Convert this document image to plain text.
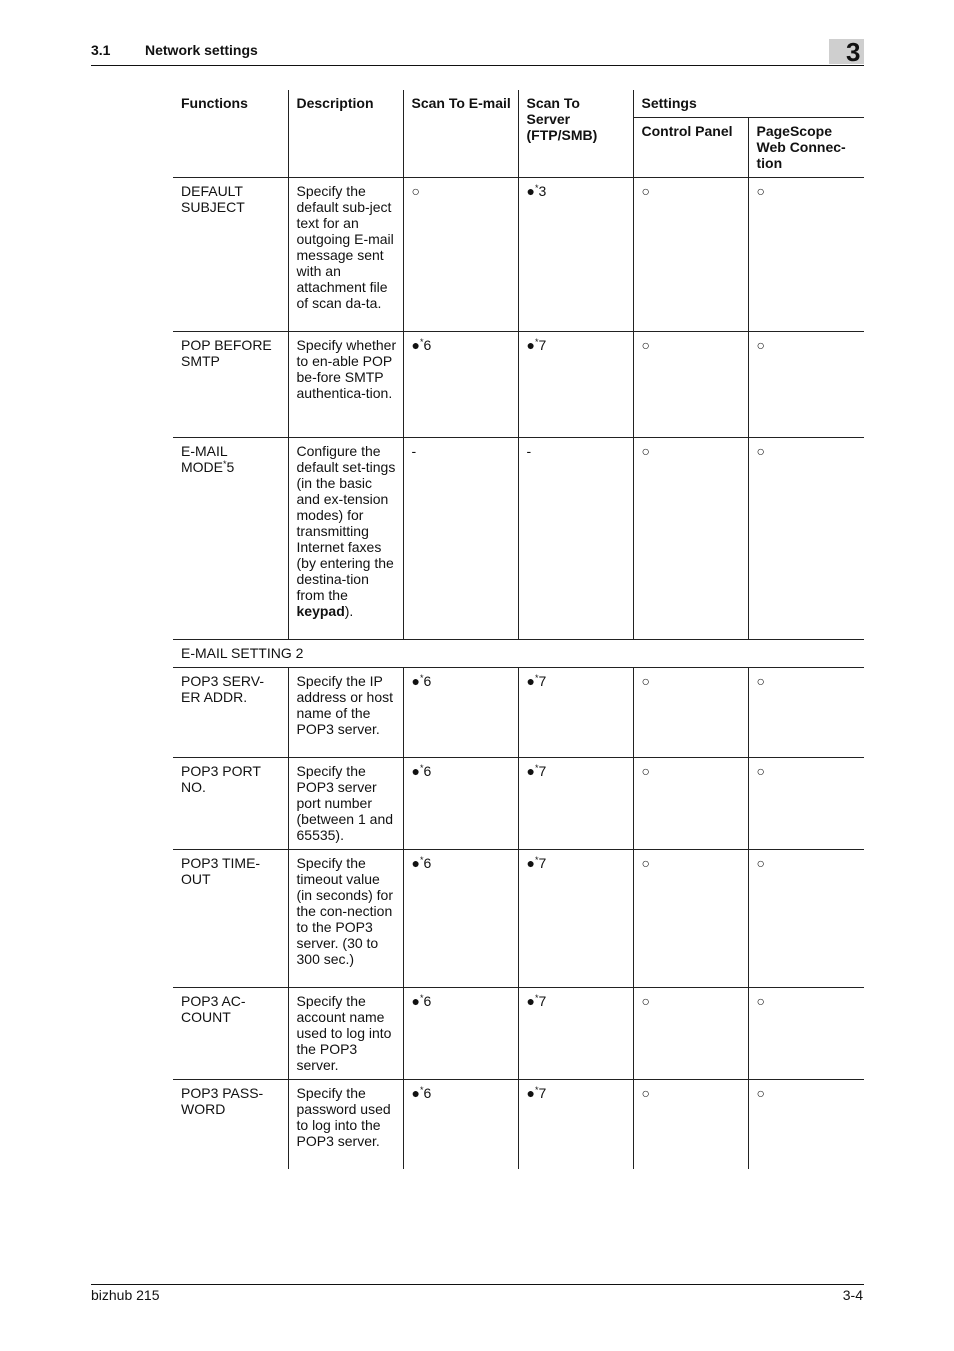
3.1 Network settings	3
Functions	Description	Scan To E-mail	Scan To Server (FTP/SMB)	Settings	
				Control Panel	PageScope Web Connec-tion
DEFAULT SUBJECT	Specify the default sub-ject text for an outgoing E-mail message sent with an attachment file of scan da-ta.	○	●*3	○	○
POP BEFORE SMTP	Specify whether to en-able POP be-fore SMTP authentica-tion.	●*6	●*7	○	○
E-MAIL MODE*5	Configure the default set-tings (in the basic and ex-tension modes) for transmitting Internet faxes (by entering the destina-tion from the keypad).	-	-	○	○
E-MAIL SETTING 2					
POP3 SERV-ER ADDR.	Specify the IP address or host name of the POP3 server.	●*6	●*7	○	○
POP3 PORT NO.	Specify the POP3 server port number (between 1 and 65535).	●*6	●*7	○	○
POP3 TIME-OUT	Specify the timeout value (in seconds) for the con-nection to the POP3 server. (30 to 300 sec.)	●*6	●*7	○	○
POP3 AC-COUNT	Specify the account name used to log into the POP3 server.	●*6	●*7	○	○
POP3 PASS-WORD	Specify the password used to log into the POP3 server.	●*6	●*7	○	○
bizhub 215	3-4
